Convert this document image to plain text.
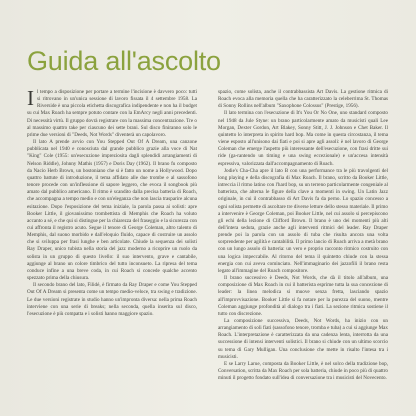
Guida all'ascolto

Il tempo a disposizione per portare a termine l'incisione è davvero poco: tutti si ritrovano in un'unica sessione di lavoro fissata il 4 settembre 1958. La Riverside è una piccola etichetta discografica indipendente e non ha il budget su cui Max Roach ha sempre potuto contare con la EmArcy negli anni precedenti. Di necessità virtù. Il gruppo dovrà registrare con la massima concentrazione. Tre o al massimo quattro take per ciascuno dei sette brani. Sul disco finiranno solo le prime due versioni di "Deeds, Not Words" diventerà un capolavoro.

Il lato A prende avvio con You Stepped Out Of A Dream, una canzone pubblicata nel 1940 e conosciuta dal grande pubblico grazie alla voce di Nat "King" Cole (1955: un'esecuzione impreziosita dagli splendidi arrangiamenti di Nelson Riddle), Johnny Mathis (1957) e Doris Day (1962). Il brano fu composto da Nacio Herb Brown, un bostoniano che si è fatto un nome a Hollywood. Dopo quattro battute di introduzione, il tema affidato alle due trombe e al sassofono tenore procede con un'inflessione di sapore leggero, che evoca il songbook più amato dal pubblico americano. Il ritmo è scandito dalla precisa batteria di Roach, che accompagna a tempo medio e con un'eleganza che non lascia trasparire alcuna esitazione. Dopo l'esposizione del tema iniziale, la parola passa ai solisti: apre Booker Little, il giovanissimo trombettista di Memphis che Roach ha voluto accanto a sé, e che qui si distingue per la chiarezza del fraseggio e la sicurezza con cui affronta il registro acuto. Segue il tenore di George Coleman, altro talento di Memphis, dal suono morbido e dall'eloquio fluido, capace di costruire un assolo che si sviluppa per frasi lunghe e ben articolate. Chiude la sequenza dei solisti Ray Draper, unico tubista nella storia del jazz moderno a ricoprire un ruolo da solista in un gruppo di questo livello: il suo intervento, grave e cantabile, aggiunge al brano un colore timbrico del tutto inconsueto. La ripresa del tema conduce infine a una breve coda, in cui Roach si concede qualche accento spezzato prima della chiusura.

Il secondo brano del lato, Filidé, è firmato da Ray Draper e come You Stepped Out Of A Dream si presenta come un tempo medio-veloce, tra swing e tradizione. Le due versioni registrate in studio hanno un'impronta diversa: nella prima Roach interviene con una serie di breaks; nella seconda, quella inserita sul disco, l'esecuzione è più compatta e i solisti hanno maggiore spazio.

spazio, come solista, anche il contrabbassista Art Davis. La gestione ritmica di Roach evoca alla memoria quella che ha caratterizzato la celeberrima St. Thomas di Sonny Rollins nell'album "Saxophone Colossus" (Prestige, 1956).

Il lato termina con l'esecuzione di It's You Or No One, uno standard composto nel 1948 da Jule Styne: un brano particolarmente amato da musicisti quali Lee Morgan, Dexter Gordon, Art Blakey, Sonny Stitt, J. J. Johnson e Chet Baker. Il quintetto lo interpreta in spirito hard bop. Ma come in questa circostanza, il tema viene esposto all'unisono dai fiati e poi si apre agli assoli: è nel lavoro di George Coleman che emerge l'aspetto più interessante dell'esecuzione, con frasi dritte sui ride (ga-rantendo un timing e una swing eccezionale) e un'accesa intensità espressiva, valorizzata dall'accompagnamento di Roach.

Jodie's Cha-Cha apre il lato B con una performance tra le più travolgenti del long playing e della discografia di Max Roach. Il brano, scritto da Booker Little, intreccia il ritmo latino con l'hard bop, su un terreno particolarmente congeniale al batterista, che alterna le figure della clave a momenti in swing. Un Latin Jazz originale, in cui il contrabbasso di Art Davis fa da perno. Lo spazio concesso a ogni solista permette di ascoltare tre diverse letture dello stesso materiale. Il primo a intervenire è George Coleman, poi Booker Little, nel cui assolo si percepiscono gli echi della lezione di Clifford Brown. Il brano è uno dei momenti più alti dell'intera seduta, grazie anche agli interventi ritmici del leader. Ray Draper prende poi la parola con un assolo di tuba che risulta ancora una volta sorprendente per agilità e cantabilità. Il primo lancio di Roach arriva a metà brano con un lungo assolo di batteria: un vero e proprio racconto ritmico costruito con una logica impeccabile. Al ritorno del tema il quintetto chiude con la stessa energia con cui aveva cominciato. Nell'immaginario dei jazzofili il brano resta legato all'immagine del Roach compositore.

Il brano successivo è Deeds, Not Words, che dà il titolo all'album, una composizione di Max Roach in cui il batterista esprime tutta la sua concezione di leader: la linea melodica si muove senza fretta, lasciando spazio all'improvvisazione. Booker Little si fa notare per la purezza del suono, mentre Coleman aggiunge profondità al dialogo tra i fiati. La sezione ritmica sostiene il tutto con discrezione.

La composizione successiva, Deeds, Not Words, ha inizio con un arrangiamento di soli fiati (sassofono tenore, tromba e tuba) a cui si aggiunge Max Roach. L'interpretazione è caratterizzata da una cadenza lenta, interrotta da una successione di intensi interventi solistici. Il brano si chiude con un ultimo scorcio su tema di Gary Mulligan. Una conclusione che mette in risalto l'intesa tra i musicisti.

E se Larry Larue, composta da Booker Little, è nel solco della tradizione bop, Conversation, scritta da Max Roach per sola batteria, chiude in poco più di quattro minuti il progetto fondato sull'idea di conversazione tra i musicisti del Novecento.
